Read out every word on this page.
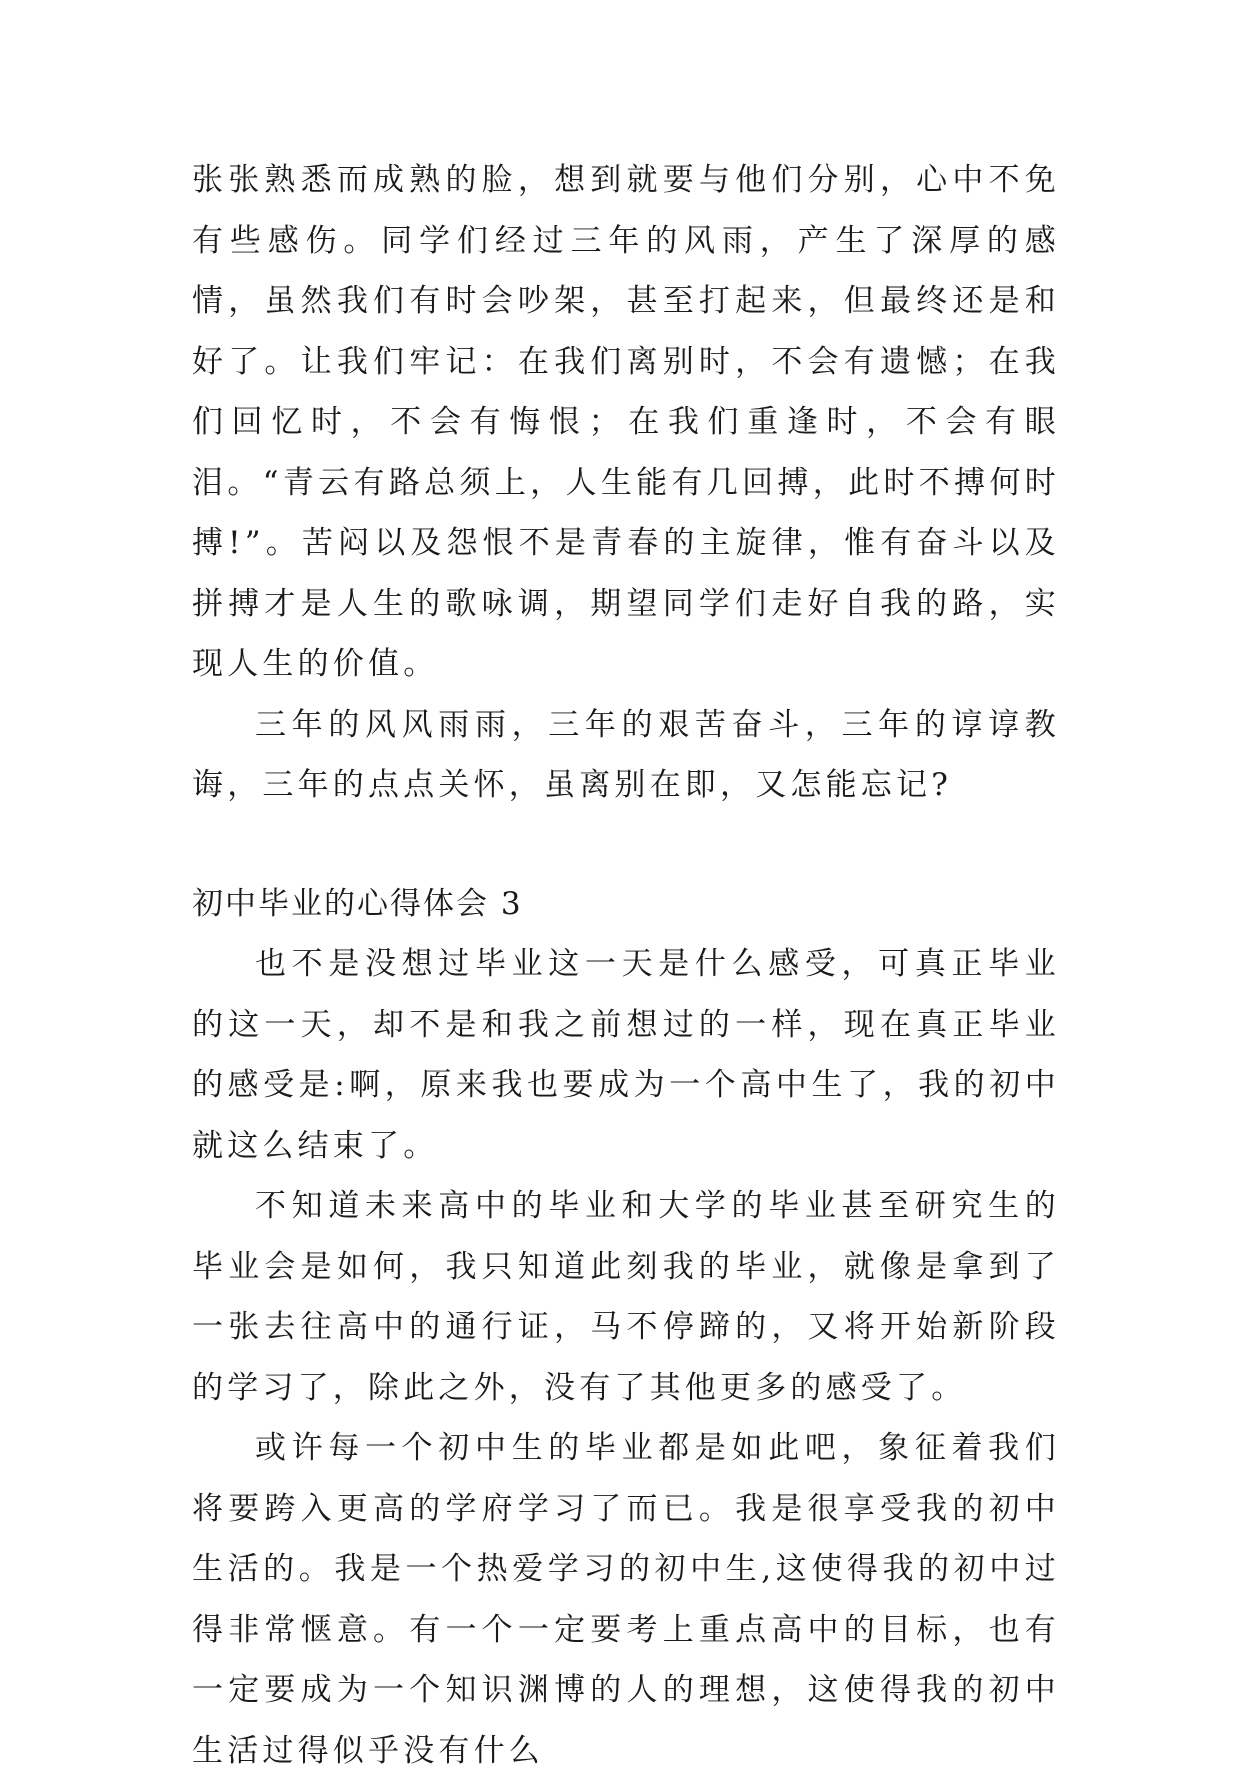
张张熟悉而成熟的脸，想到就要与他们分别，心中不免有些感伤。同学们经过三年的风雨，产生了深厚的感情，虽然我们有时会吵架，甚至打起来，但最终还是和好了。让我们牢记：在我们离别时，不会有遗憾；在我们回忆时，不会有悔恨；在我们重逢时，不会有眼泪。“青云有路总须上，人生能有几回搏，此时不搏何时搏!”。苦闷以及怨恨不是青春的主旋律，惟有奋斗以及拼搏才是人生的歌咏调，期望同学们走好自我的路，实现人生的价值。

三年的风风雨雨，三年的艰苦奋斗，三年的谆谆教诲，三年的点点关怀，虽离别在即，又怎能忘记?

初中毕业的心得体会 3

也不是没想过毕业这一天是什么感受，可真正毕业的这一天，却不是和我之前想过的一样，现在真正毕业的感受是:啊，原来我也要成为一个高中生了，我的初中就这么结束了。

不知道未来高中的毕业和大学的毕业甚至研究生的毕业会是如何，我只知道此刻我的毕业，就像是拿到了一张去往高中的通行证，马不停蹄的，又将开始新阶段的学习了，除此之外，没有了其他更多的感受了。

或许每一个初中生的毕业都是如此吧，象征着我们将要跨入更高的学府学习了而已。我是很享受我的初中生活的。我是一个热爱学习的初中生,这使得我的初中过得非常惬意。有一个一定要考上重点高中的目标，也有一定要成为一个知识渊博的人的理想，这使得我的初中生活过得似乎没有什么
